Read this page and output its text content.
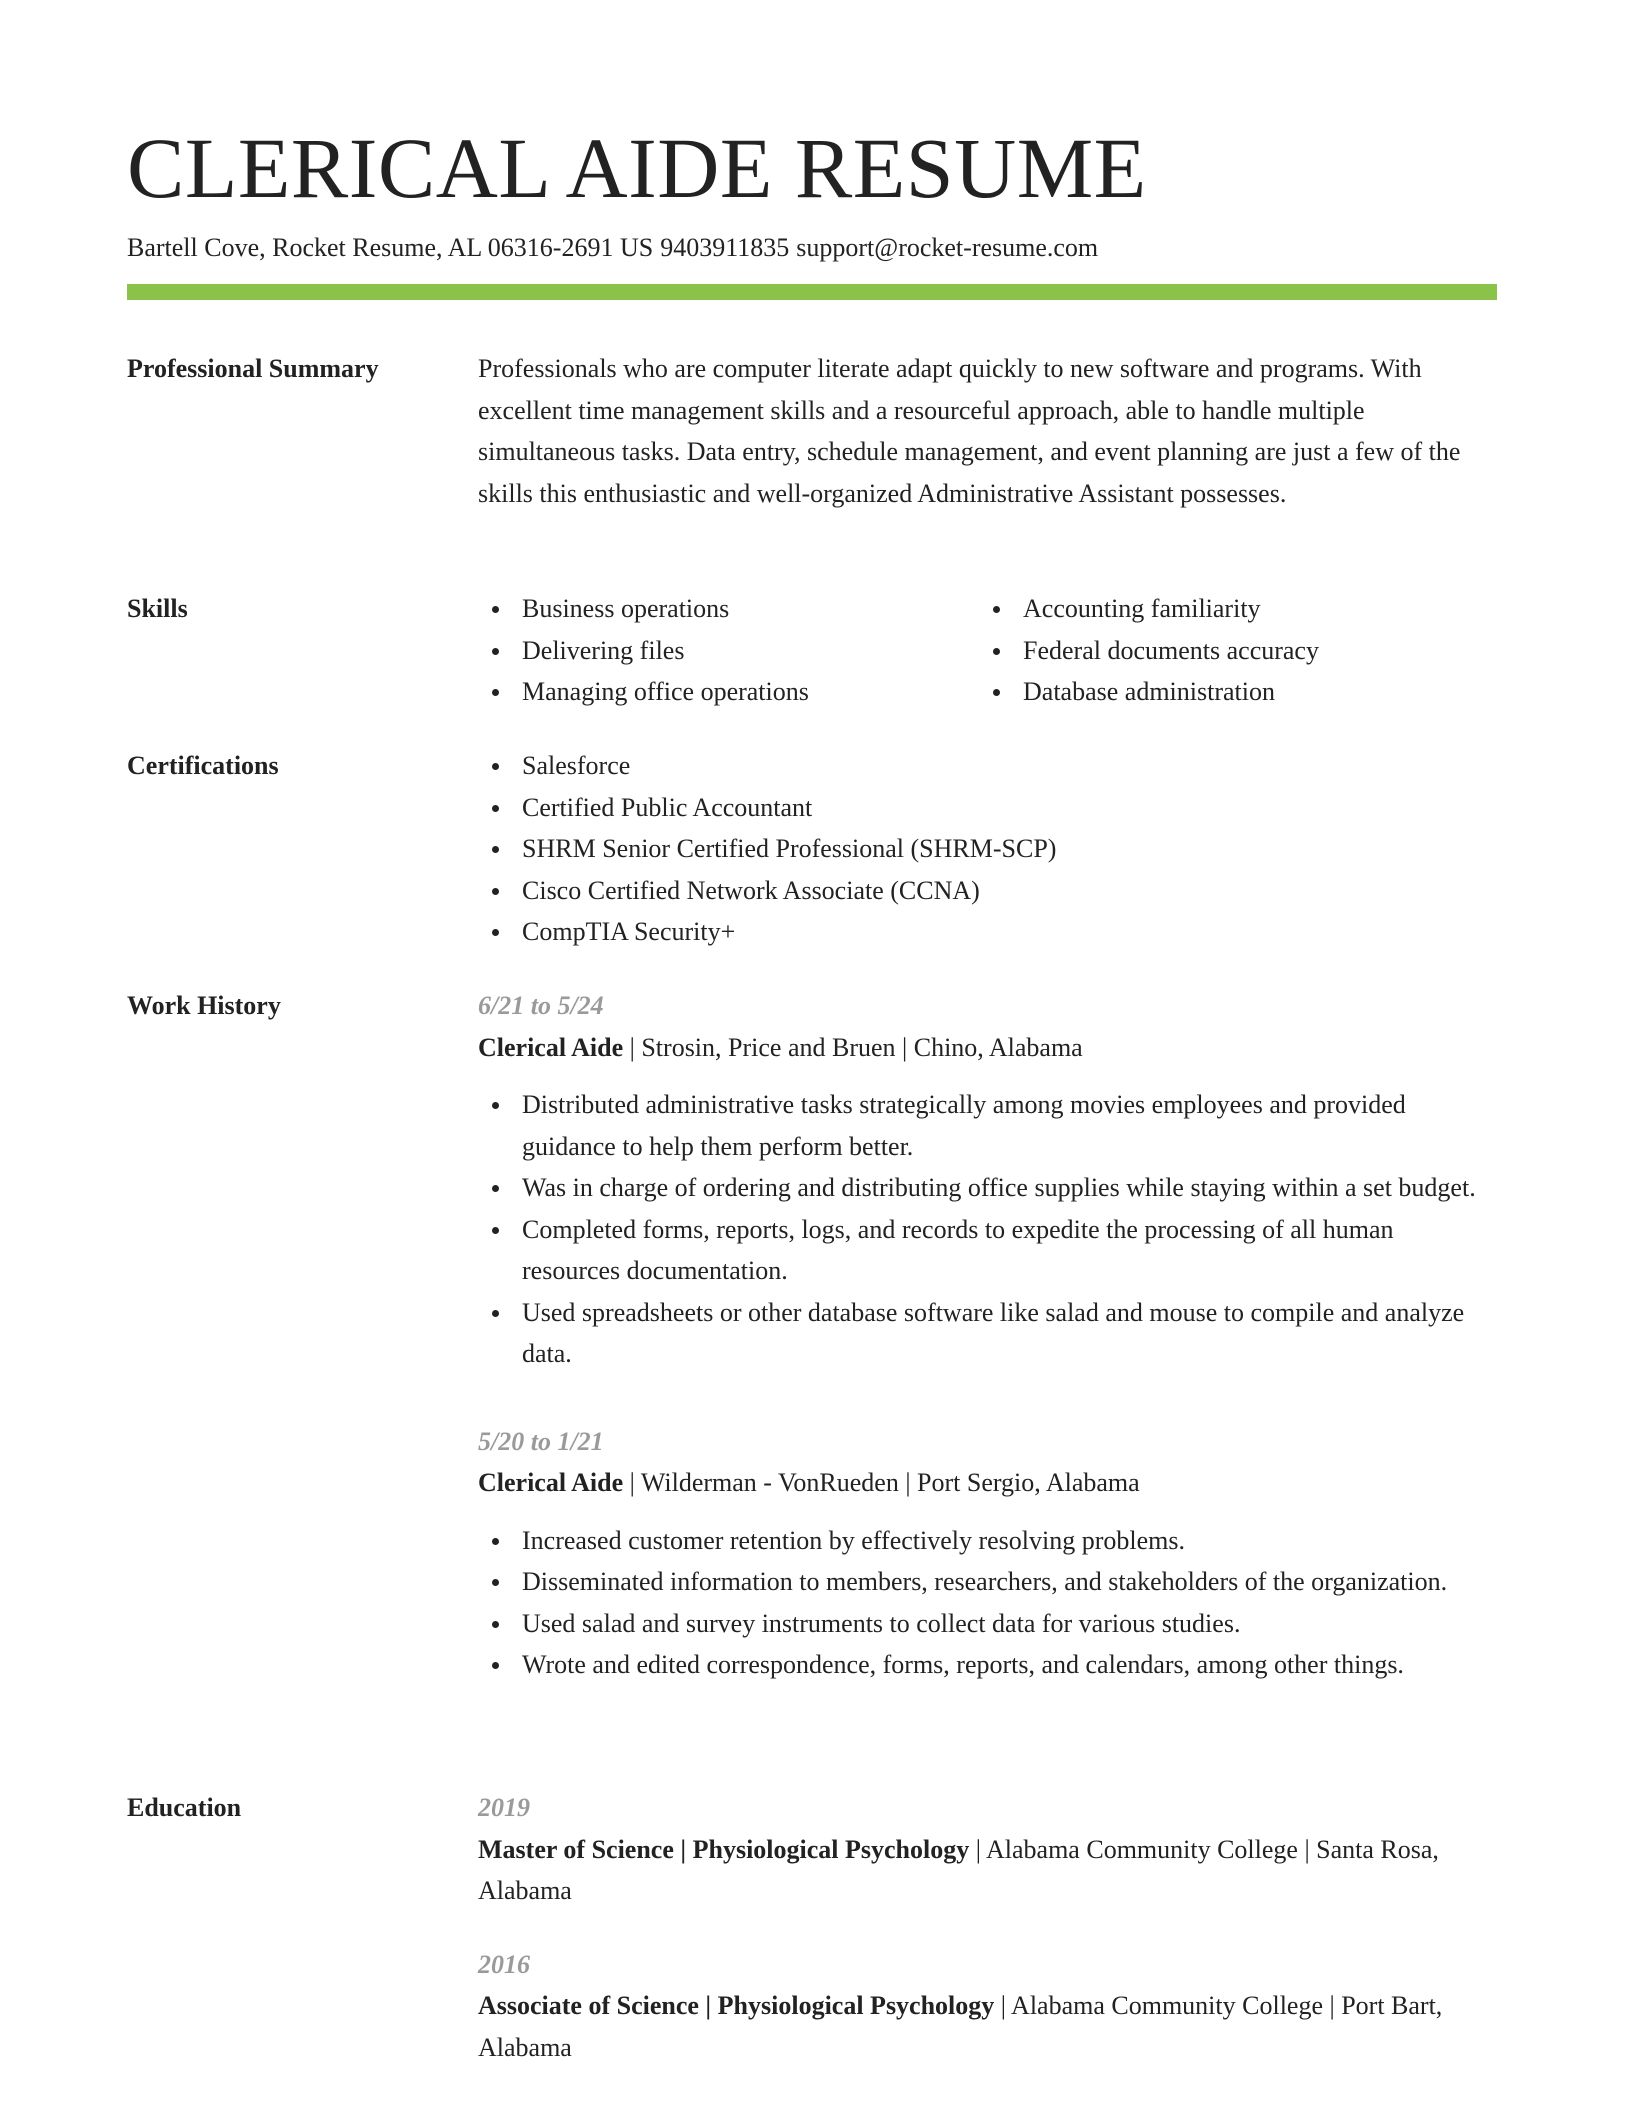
CLERICAL AIDE RESUME
Bartell Cove, Rocket Resume, AL 06316-2691 US 9403911835 support@rocket-resume.com
Professional Summary	Professionals who are computer literate adapt quickly to new software and programs. With excellent time management skills and a resourceful approach, able to handle multiple simultaneous tasks. Data entry, schedule management, and event planning are just a few of the skills this enthusiastic and well-organized Administrative Assistant possesses.

Skills	Business operations
Delivering files
Managing office operations
Accounting familiarity
Federal documents accuracy
Database administration
Certifications	Salesforce
Certified Public Accountant
SHRM Senior Certified Professional (SHRM-SCP)
Cisco Certified Network Associate (CCNA)
CompTIA Security+
Work History	6/21 to 5/24
Clerical Aide | Strosin, Price and Bruen | Chino, Alabama
Distributed administrative tasks strategically among movies employees and provided guidance to help them perform better.
Was in charge of ordering and distributing office supplies while staying within a set budget.
Completed forms, reports, logs, and records to expedite the processing of all human resources documentation.
Used spreadsheets or other database software like salad and mouse to compile and analyze data.
5/20 to 1/21
Clerical Aide | Wilderman - VonRueden | Port Sergio, Alabama
Increased customer retention by effectively resolving problems.
Disseminated information to members, researchers, and stakeholders of the organization.
Used salad and survey instruments to collect data for various studies.
Wrote and edited correspondence, forms, reports, and calendars, among other things.
Education	2019
Master of Science | Physiological Psychology | Alabama Community College | Santa Rosa, Alabama
2016
Associate of Science | Physiological Psychology | Alabama Community College | Port Bart, Alabama
